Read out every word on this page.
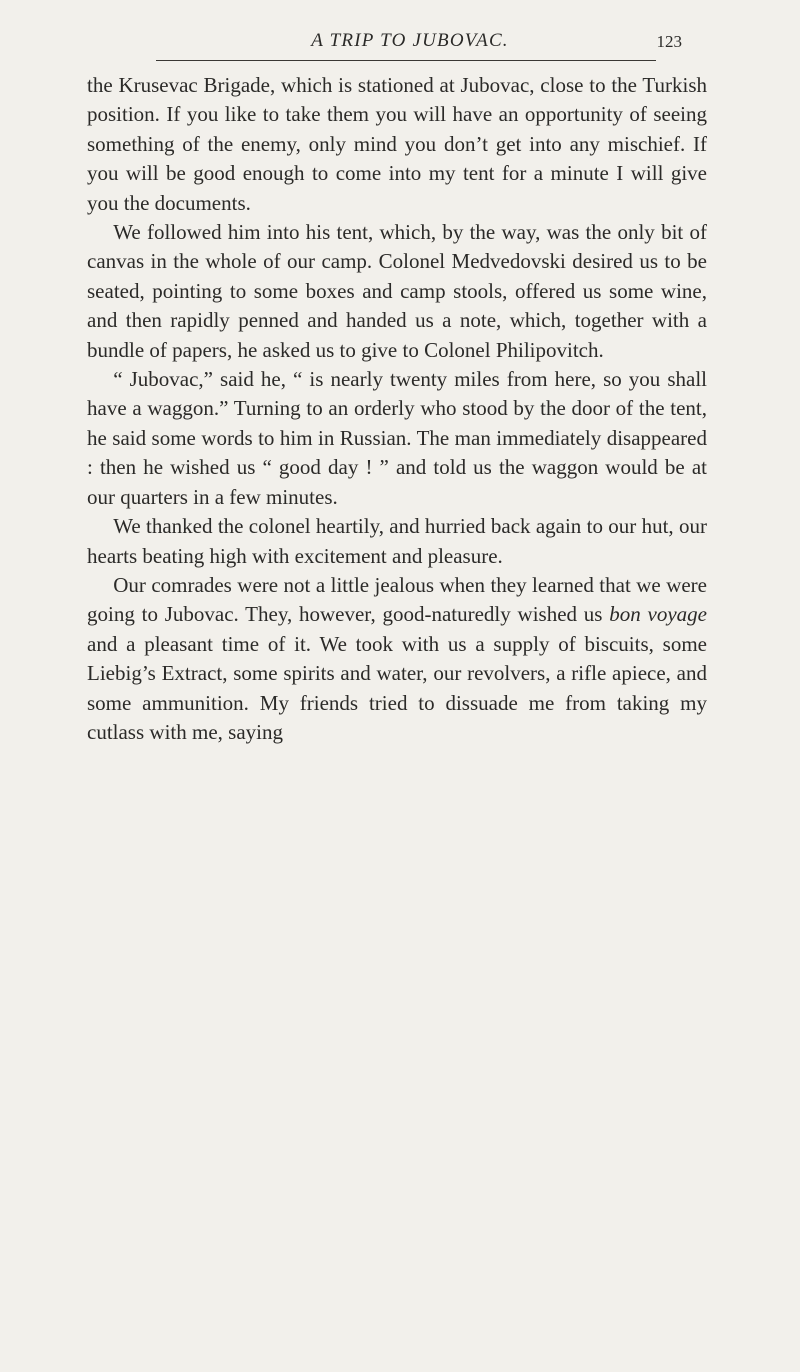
A TRIP TO JUBOVAC.	123

the Krusevac Brigade, which is stationed at Jubovac, close to the Turkish position. If you like to take them you will have an opportunity of seeing something of the enemy, only mind you don’t get into any mischief. If you will be good enough to come into my tent for a minute I will give you the documents.

We followed him into his tent, which, by the way, was the only bit of canvas in the whole of our camp. Colonel Medvedovski desired us to be seated, pointing to some boxes and camp stools, offered us some wine, and then rapidly penned and handed us a note, which, together with a bundle of papers, he asked us to give to Colonel Philipovitch.

“ Jubovac,” said he, “ is nearly twenty miles from here, so you shall have a waggon.” Turning to an orderly who stood by the door of the tent, he said some words to him in Russian. The man immediately disappeared : then he wished us “ good day ! ” and told us the waggon would be at our quarters in a few minutes.

We thanked the colonel heartily, and hurried back again to our hut, our hearts beating high with excitement and pleasure.

Our comrades were not a little jealous when they learned that we were going to Jubovac. They, however, good-naturedly wished us bon voyage and a pleasant time of it. We took with us a supply of biscuits, some Liebig’s Extract, some spirits and water, our revolvers, a rifle apiece, and some ammunition. My friends tried to dissuade me from taking my cutlass with me, saying
